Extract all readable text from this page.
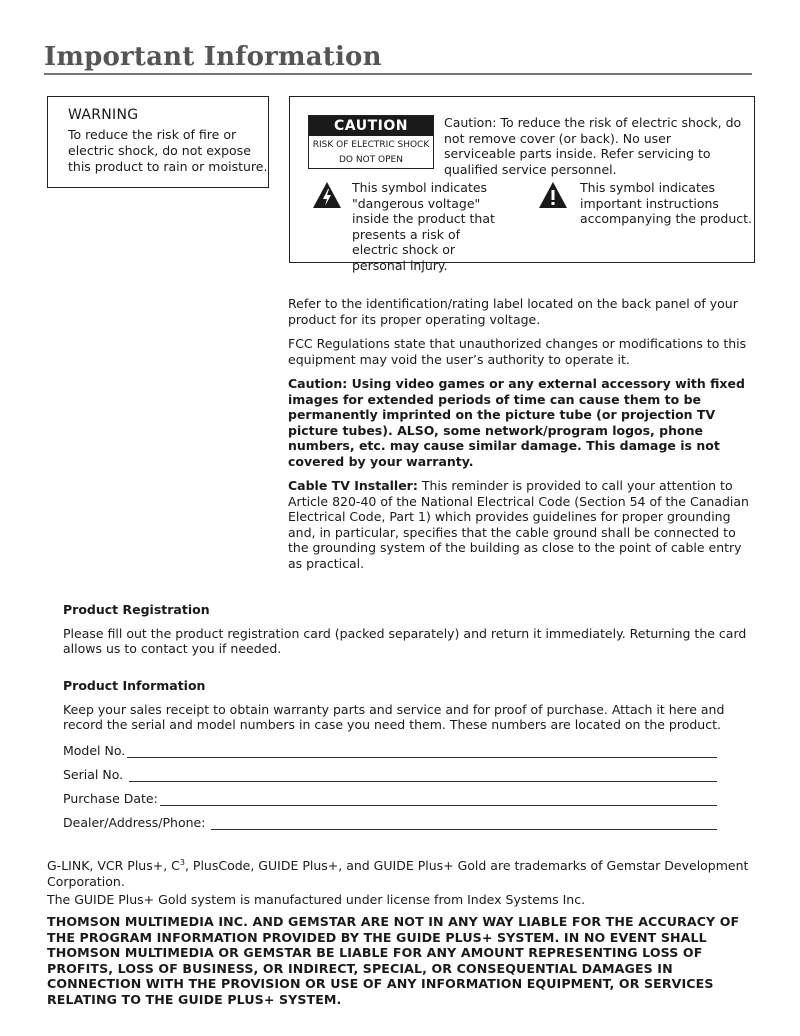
Important Information
WARNING

To reduce the risk of fire or electric shock, do not expose this product to rain or moisture.

CAUTION
RISK OF ELECTRIC SHOCK
DO NOT OPEN

Caution: To reduce the risk of electric shock, do not remove cover (or back). No user serviceable parts inside. Refer servicing to qualified service personnel.

This symbol indicates "dangerous voltage" inside the product that presents a risk of electric shock or personal injury.

This symbol indicates important instructions accompanying the product.

Refer to the identification/rating label located on the back panel of your product for its proper operating voltage.

FCC Regulations state that unauthorized changes or modifications to this equipment may void the user’s authority to operate it.

Caution: Using video games or any external accessory with fixed images for extended periods of time can cause them to be permanently imprinted on the picture tube (or projection TV picture tubes). ALSO, some network/program logos, phone numbers, etc. may cause similar damage. This damage is not covered by your warranty.

Cable TV Installer: This reminder is provided to call your attention to Article 820-40 of the National Electrical Code (Section 54 of the Canadian Electrical Code, Part 1) which provides guidelines for proper grounding and, in particular, specifies that the cable ground shall be connected to the grounding system of the building as close to the point of cable entry as practical.

Product Registration

Please fill out the product registration card (packed separately) and return it immediately. Returning the card allows us to contact you if needed.

Product Information

Keep your sales receipt to obtain warranty parts and service and for proof of purchase. Attach it here and record the serial and model numbers in case you need them. These numbers are located on the product.

Model No.
Serial No.
Purchase Date:
Dealer/Address/Phone:

G-LINK, VCR Plus+, $C^3$, PlusCode, GUIDE Plus+, and GUIDE Plus+ Gold are trademarks of Gemstar Development Corporation.

The GUIDE Plus+ Gold system is manufactured under license from Index Systems Inc.

THOMSON MULTIMEDIA INC. AND GEMSTAR ARE NOT IN ANY WAY LIABLE FOR THE ACCURACY OF THE PROGRAM INFORMATION PROVIDED BY THE GUIDE PLUS+ SYSTEM. IN NO EVENT SHALL THOMSON MULTIMEDIA OR GEMSTAR BE LIABLE FOR ANY AMOUNT REPRESENTING LOSS OF PROFITS, LOSS OF BUSINESS, OR INDIRECT, SPECIAL, OR CONSEQUENTIAL DAMAGES IN CONNECTION WITH THE PROVISION OR USE OF ANY INFORMATION EQUIPMENT, OR SERVICES RELATING TO THE GUIDE PLUS+ SYSTEM.
